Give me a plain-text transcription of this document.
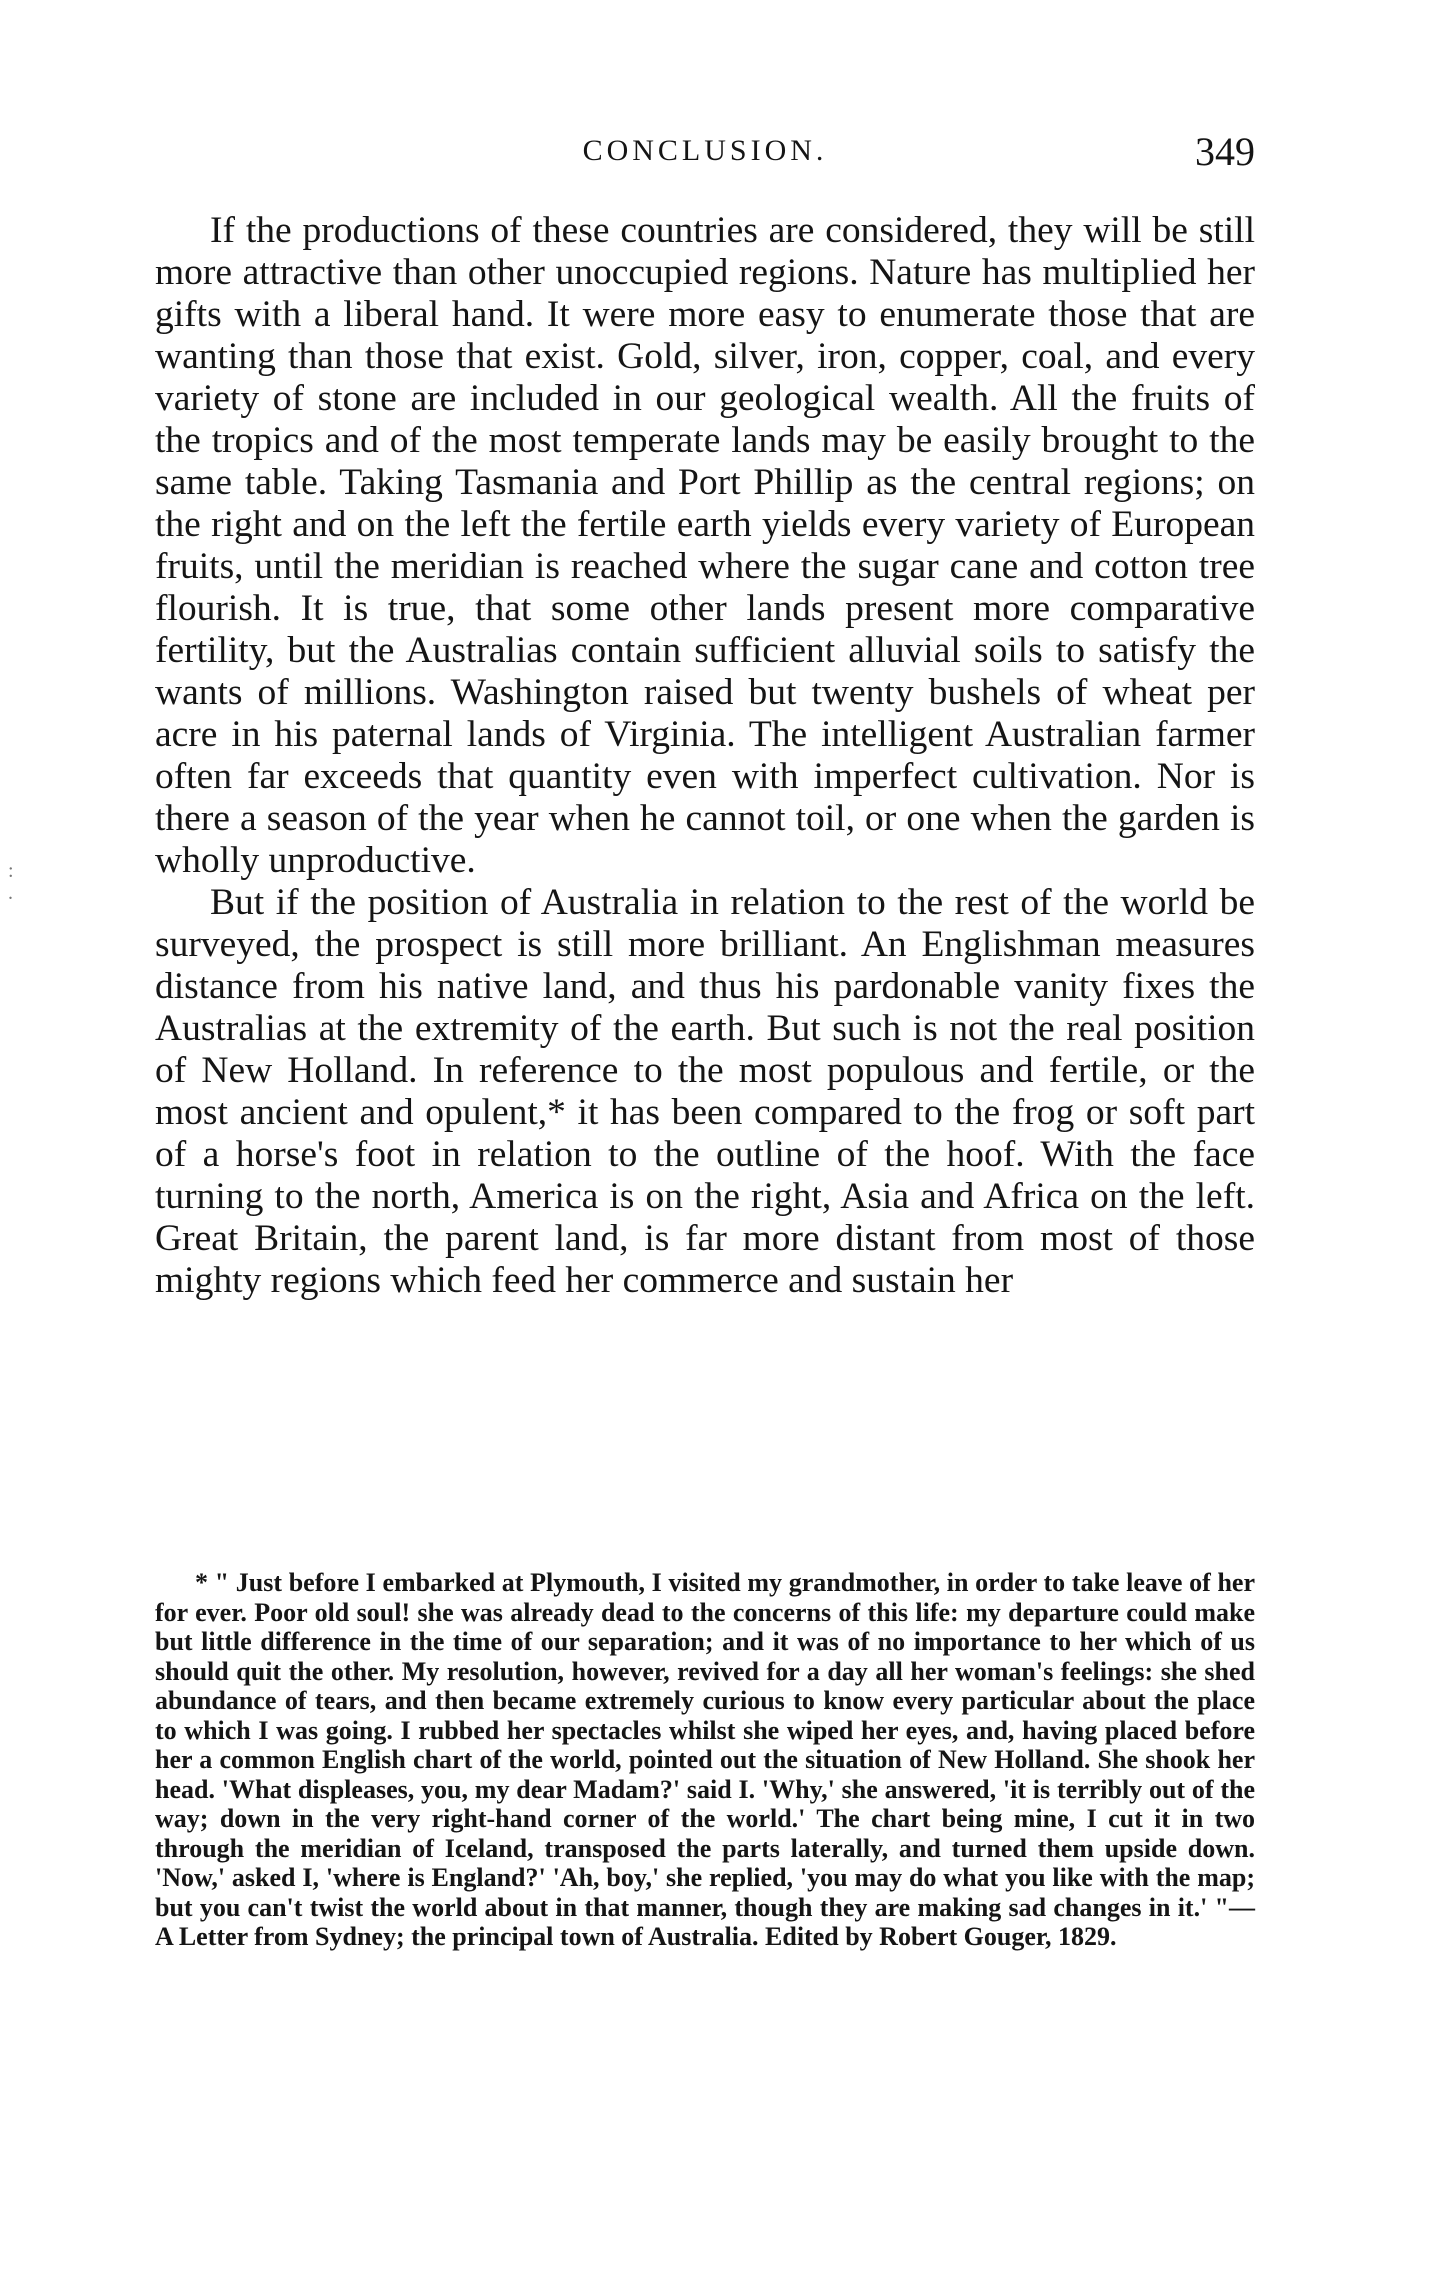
CONCLUSION.	349

If the productions of these countries are considered, they will be still more attractive than other unoccupied regions. Nature has multiplied her gifts with a liberal hand. It were more easy to enumerate those that are wanting than those that exist. Gold, silver, iron, copper, coal, and every variety of stone are included in our geological wealth. All the fruits of the tropics and of the most temperate lands may be easily brought to the same table. Taking Tasmania and Port Phillip as the central regions; on the right and on the left the fertile earth yields every variety of European fruits, until the meridian is reached where the sugar cane and cotton tree flourish. It is true, that some other lands present more comparative fertility, but the Australias contain sufficient alluvial soils to satisfy the wants of millions. Washington raised but twenty bushels of wheat per acre in his paternal lands of Virginia. The intelligent Australian farmer often far exceeds that quantity even with imperfect cultivation. Nor is there a season of the year when he cannot toil, or one when the garden is wholly unproductive.

But if the position of Australia in relation to the rest of the world be surveyed, the prospect is still more brilliant. An Englishman measures distance from his native land, and thus his pardonable vanity fixes the Australias at the extremity of the earth. But such is not the real position of New Holland. In reference to the most populous and fertile, or the most ancient and opulent,* it has been compared to the frog or soft part of a horse's foot in relation to the outline of the hoof. With the face turning to the north, America is on the right, Asia and Africa on the left. Great Britain, the parent land, is far more distant from most of those mighty regions which feed her commerce and sustain her

* " Just before I embarked at Plymouth, I visited my grandmother, in order to take leave of her for ever. Poor old soul! she was already dead to the concerns of this life: my departure could make but little difference in the time of our separation; and it was of no importance to her which of us should quit the other. My resolution, however, revived for a day all her woman's feelings: she shed abundance of tears, and then became extremely curious to know every particular about the place to which I was going. I rubbed her spectacles whilst she wiped her eyes, and, having placed before her a common English chart of the world, pointed out the situation of New Holland. She shook her head. 'What displeases, you, my dear Madam?' said I. 'Why,' she answered, 'it is terribly out of the way; down in the very right-hand corner of the world.' The chart being mine, I cut it in two through the meridian of Iceland, transposed the parts laterally, and turned them upside down. 'Now,' asked I, 'where is England?' 'Ah, boy,' she replied, 'you may do what you like with the map; but you can't twist the world about in that manner, though they are making sad changes in it.' "—A Letter from Sydney; the principal town of Australia. Edited by Robert Gouger, 1829.

:
.
